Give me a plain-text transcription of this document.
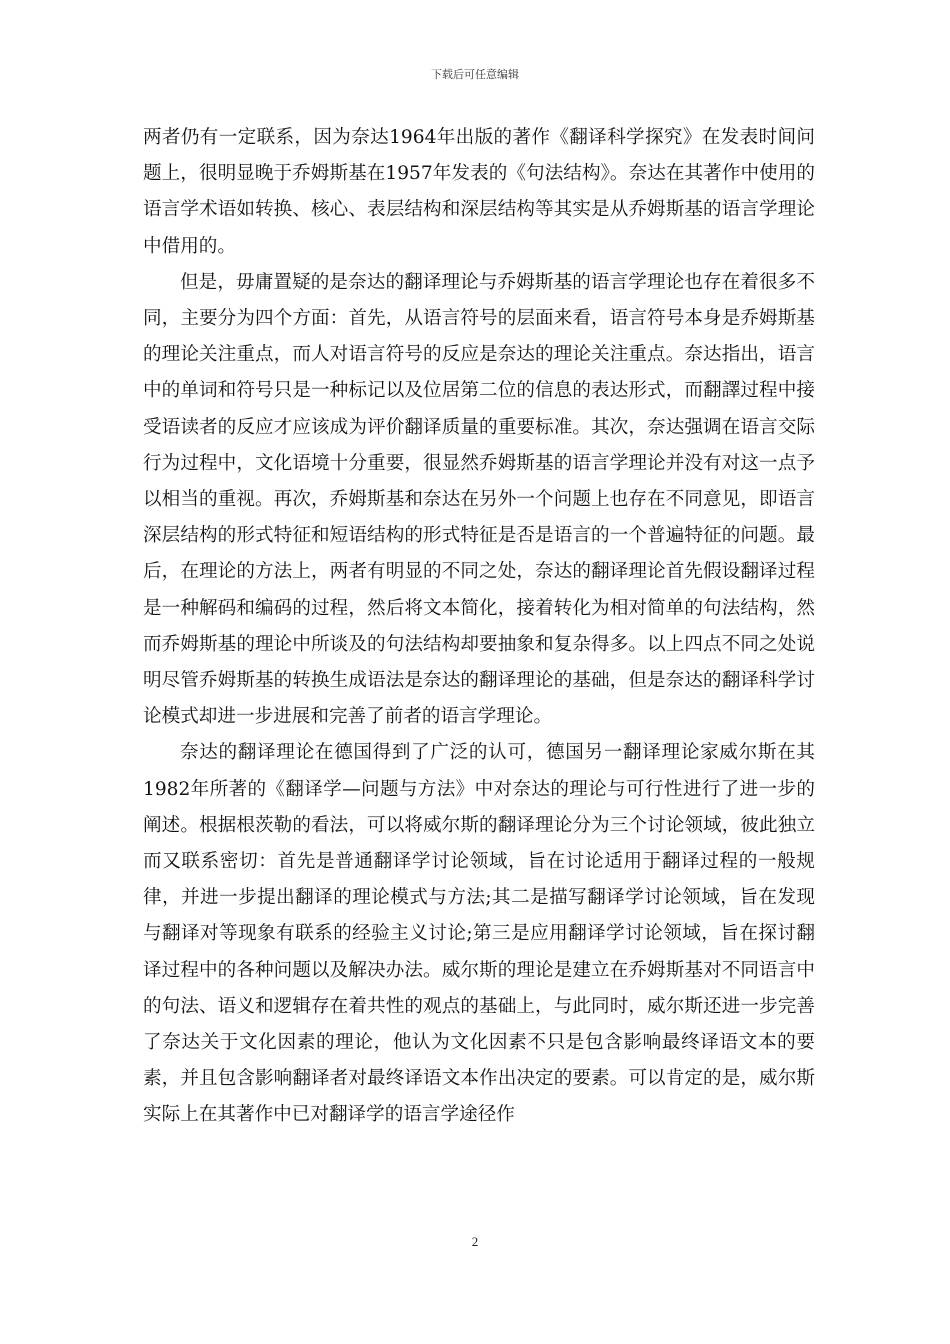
下载后可任意编辑

两者仍有一定联系，因为奈达1964年出版的著作《翻译科学探究》在发表时间问题上，很明显晚于乔姆斯基在1957年发表的《句法结构》。奈达在其著作中使用的语言学术语如转换、核心、表层结构和深层结构等其实是从乔姆斯基的语言学理论中借用的。

但是，毋庸置疑的是奈达的翻译理论与乔姆斯基的语言学理论也存在着很多不同，主要分为四个方面：首先，从语言符号的层面来看，语言符号本身是乔姆斯基的理论关注重点，而人对语言符号的反应是奈达的理论关注重点。奈达指出，语言中的单词和符号只是一种标记以及位居第二位的信息的表达形式，而翻譯过程中接受语读者的反应才应该成为评价翻译质量的重要标准。其次，奈达强调在语言交际行为过程中，文化语境十分重要，很显然乔姆斯基的语言学理论并没有对这一点予以相当的重视。再次，乔姆斯基和奈达在另外一个问题上也存在不同意见，即语言深层结构的形式特征和短语结构的形式特征是否是语言的一个普遍特征的问题。最后，在理论的方法上，两者有明显的不同之处，奈达的翻译理论首先假设翻译过程是一种解码和编码的过程，然后将文本简化，接着转化为相对简单的句法结构，然而乔姆斯基的理论中所谈及的句法结构却要抽象和复杂得多。以上四点不同之处说明尽管乔姆斯基的转换生成语法是奈达的翻译理论的基础，但是奈达的翻译科学讨论模式却进一步进展和完善了前者的语言学理论。

奈达的翻译理论在德国得到了广泛的认可，德国另一翻译理论家威尔斯在其1982年所著的《翻译学—问题与方法》中对奈达的理论与可行性进行了进一步的阐述。根据根茨勒的看法，可以将威尔斯的翻译理论分为三个讨论领域，彼此独立而又联系密切：首先是普通翻译学讨论领域，旨在讨论适用于翻译过程的一般规律，并进一步提出翻译的理论模式与方法;其二是描写翻译学讨论领域，旨在发现与翻译对等现象有联系的经验主义讨论;第三是应用翻译学讨论领域，旨在探讨翻译过程中的各种问题以及解决办法。威尔斯的理论是建立在乔姆斯基对不同语言中的句法、语义和逻辑存在着共性的观点的基础上，与此同时，威尔斯还进一步完善了奈达关于文化因素的理论，他认为文化因素不只是包含影响最终译语文本的要素，并且包含影响翻译者对最终译语文本作出决定的要素。可以肯定的是，威尔斯实际上在其著作中已对翻译学的语言学途径作

2
